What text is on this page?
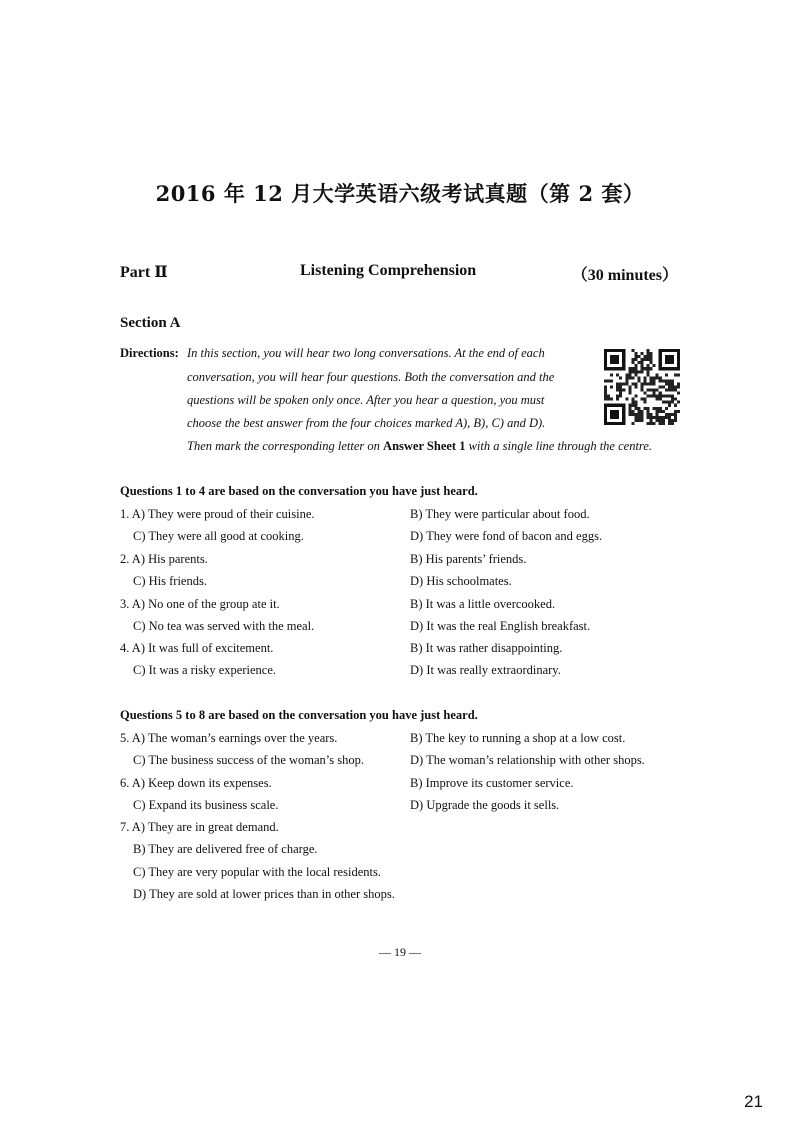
2016 年 12 月大学英语六级考试真题（第 2 套）
Part Ⅱ	Listening Comprehension	（30 minutes）
Section A
Directions: In this section, you will hear two long conversations. At the end of each
conversation, you will hear four questions. Both the conversation and the
questions will be spoken only once. After you hear a question, you must
choose the best answer from the four choices marked A), B), C) and D).
Then mark the corresponding letter on Answer Sheet 1 with a single line through the centre.
Questions 1 to 4 are based on the conversation you have just heard.
1. A) They were proud of their cuisine.	B) They were particular about food.
C) They were all good at cooking.	D) They were fond of bacon and eggs.
2. A) His parents.	B) His parents’ friends.
C) His friends.	D) His schoolmates.
3. A) No one of the group ate it.	B) It was a little overcooked.
C) No tea was served with the meal.	D) It was the real English breakfast.
4. A) It was full of excitement.	B) It was rather disappointing.
C) It was a risky experience.	D) It was really extraordinary.
Questions 5 to 8 are based on the conversation you have just heard.
5. A) The woman’s earnings over the years.	B) The key to running a shop at a low cost.
C) The business success of the woman’s shop.	D) The woman’s relationship with other shops.
6. A) Keep down its expenses.	B) Improve its customer service.
C) Expand its business scale.	D) Upgrade the goods it sells.
7. A) They are in great demand.
B) They are delivered free of charge.
C) They are very popular with the local residents.
D) They are sold at lower prices than in other shops.
— 19 —
21
